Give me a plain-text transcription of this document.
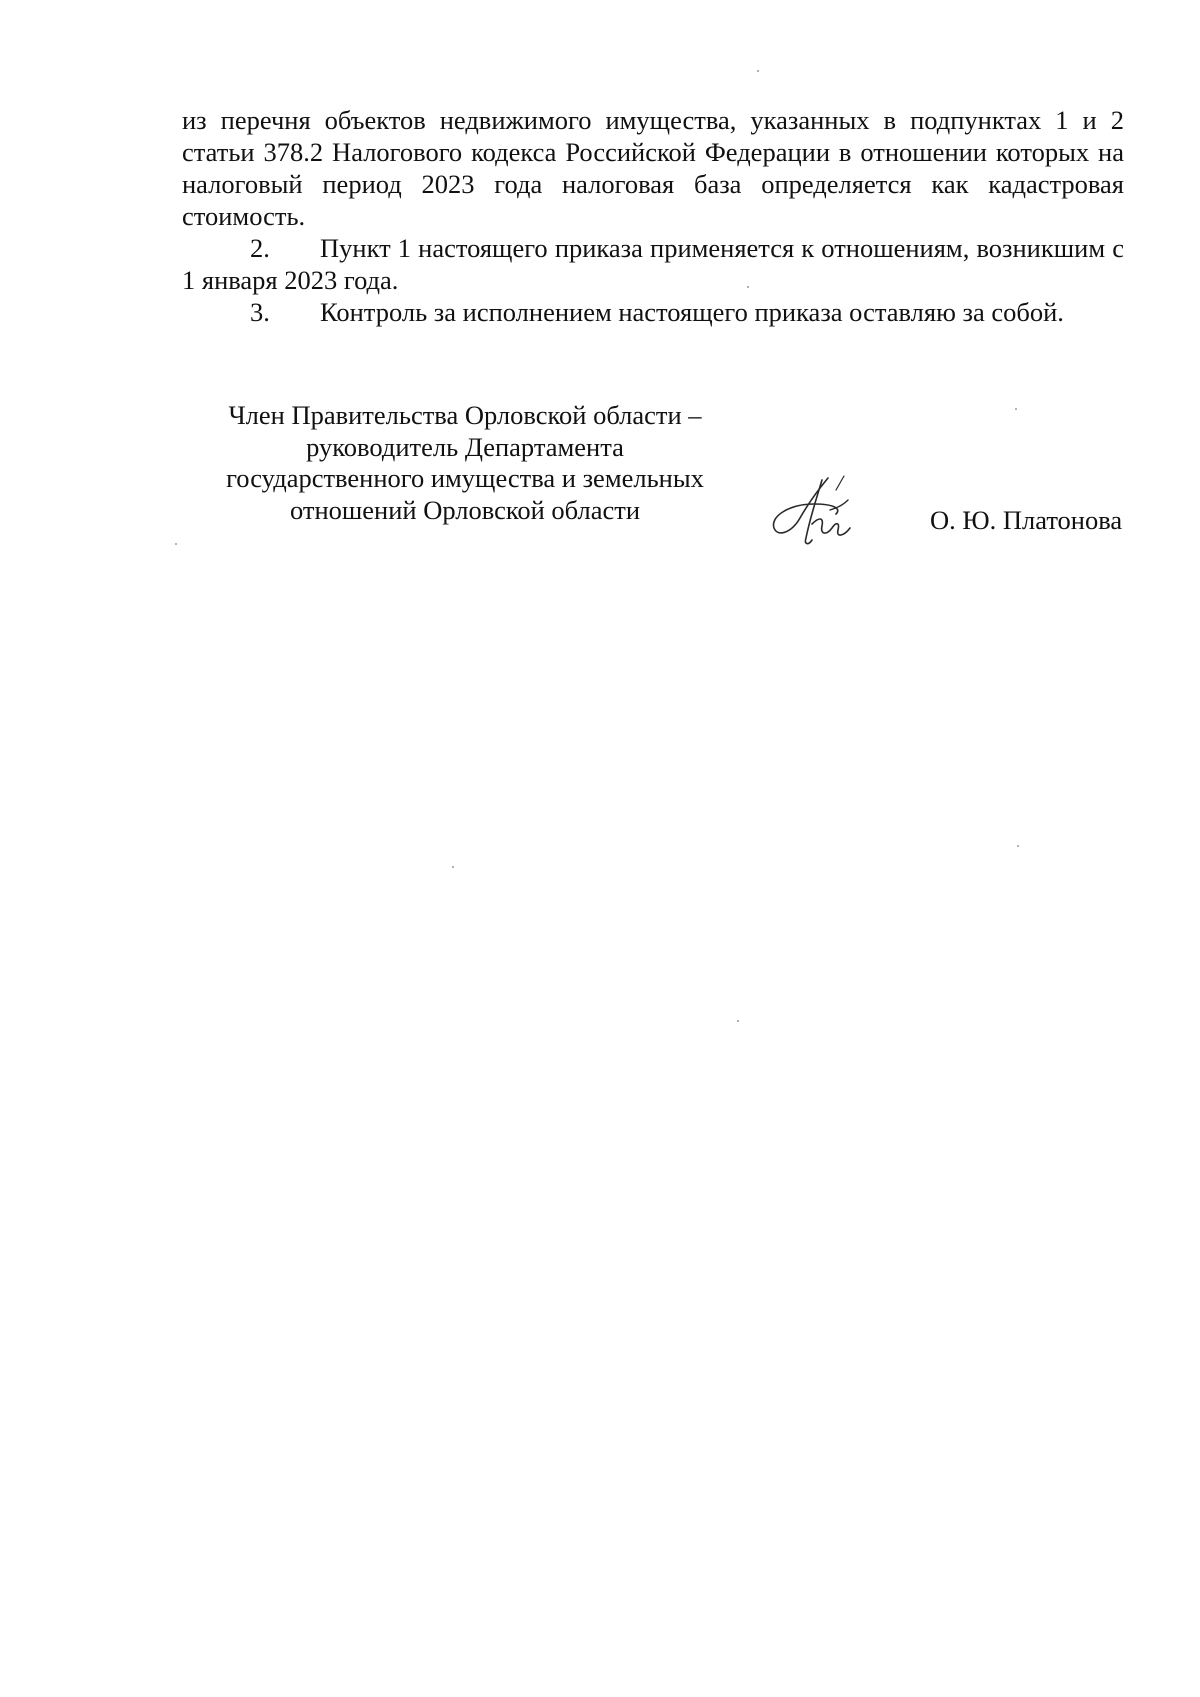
из перечня объектов недвижимого имущества, указанных в подпунктах 1 и 2 статьи 378.2 Налогового кодекса Российской Федерации в отношении которых на налоговый период 2023 года налоговая база определяется как кадастровая стоимость.

2. Пункт 1 настоящего приказа применяется к отношениям, возникшим с 1 января 2023 года.

3. Контроль за исполнением настоящего приказа оставляю за собой.

Член Правительства Орловской области –
руководитель Департамента
государственного имущества и земельных
отношений Орловской области	О. Ю. Платонова
